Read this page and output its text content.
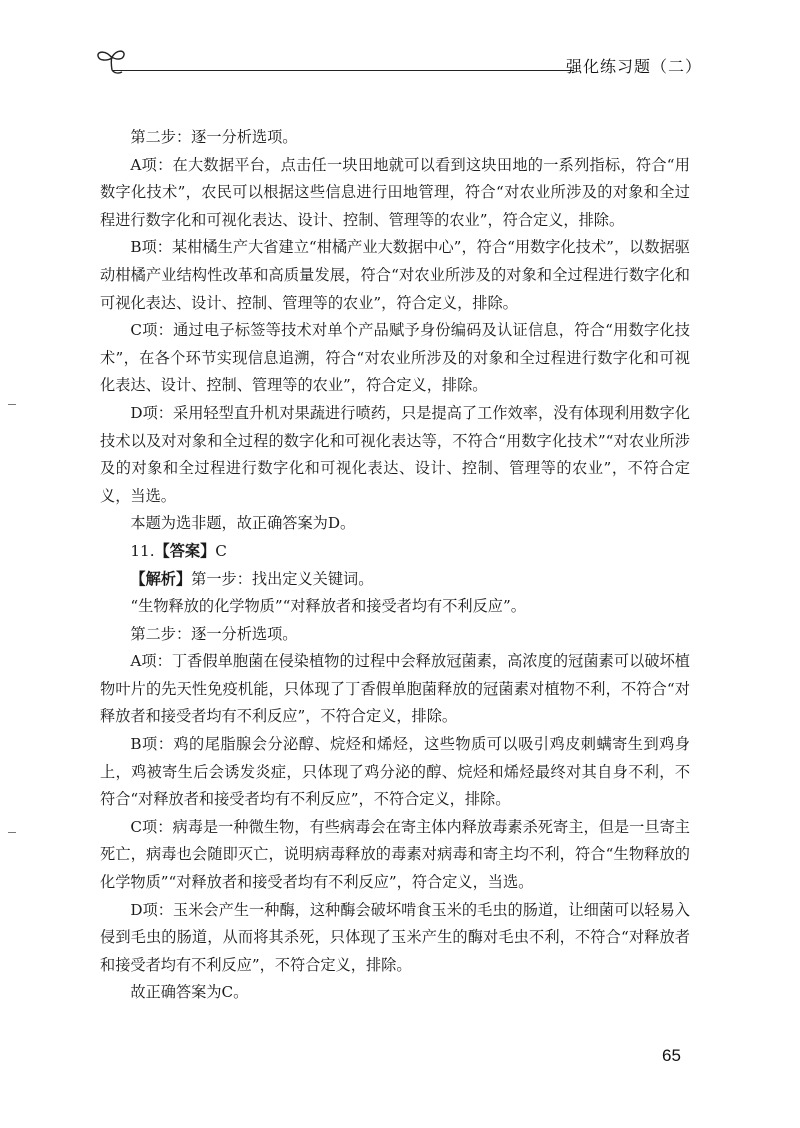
强化练习题（二）

第二步：逐一分析选项。

A项：在大数据平台，点击任一块田地就可以看到这块田地的一系列指标，符合“用数字化技术”，农民可以根据这些信息进行田地管理，符合“对农业所涉及的对象和全过程进行数字化和可视化表达、设计、控制、管理等的农业”，符合定义，排除。

B项：某柑橘生产大省建立“柑橘产业大数据中心”，符合“用数字化技术”，以数据驱动柑橘产业结构性改革和高质量发展，符合“对农业所涉及的对象和全过程进行数字化和可视化表达、设计、控制、管理等的农业”，符合定义，排除。

C项：通过电子标签等技术对单个产品赋予身份编码及认证信息，符合“用数字化技术”，在各个环节实现信息追溯，符合“对农业所涉及的对象和全过程进行数字化和可视化表达、设计、控制、管理等的农业”，符合定义，排除。

D项：采用轻型直升机对果蔬进行喷药，只是提高了工作效率，没有体现利用数字化技术以及对对象和全过程的数字化和可视化表达等，不符合“用数字化技术”“对农业所涉及的对象和全过程进行数字化和可视化表达、设计、控制、管理等的农业”，不符合定义，当选。

本题为选非题，故正确答案为D。

11.【答案】C

【解析】第一步：找出定义关键词。

“生物释放的化学物质”“对释放者和接受者均有不利反应”。

第二步：逐一分析选项。

A项：丁香假单胞菌在侵染植物的过程中会释放冠菌素，高浓度的冠菌素可以破坏植物叶片的先天性免疫机能，只体现了丁香假单胞菌释放的冠菌素对植物不利，不符合“对释放者和接受者均有不利反应”，不符合定义，排除。

B项：鸡的尾脂腺会分泌醇、烷烃和烯烃，这些物质可以吸引鸡皮刺螨寄生到鸡身上，鸡被寄生后会诱发炎症，只体现了鸡分泌的醇、烷烃和烯烃最终对其自身不利，不符合“对释放者和接受者均有不利反应”，不符合定义，排除。

C项：病毒是一种微生物，有些病毒会在寄主体内释放毒素杀死寄主，但是一旦寄主死亡，病毒也会随即灭亡，说明病毒释放的毒素对病毒和寄主均不利，符合“生物释放的化学物质”“对释放者和接受者均有不利反应”，符合定义，当选。

D项：玉米会产生一种酶，这种酶会破坏啃食玉米的毛虫的肠道，让细菌可以轻易入侵到毛虫的肠道，从而将其杀死，只体现了玉米产生的酶对毛虫不利，不符合“对释放者和接受者均有不利反应”，不符合定义，排除。

故正确答案为C。

65
